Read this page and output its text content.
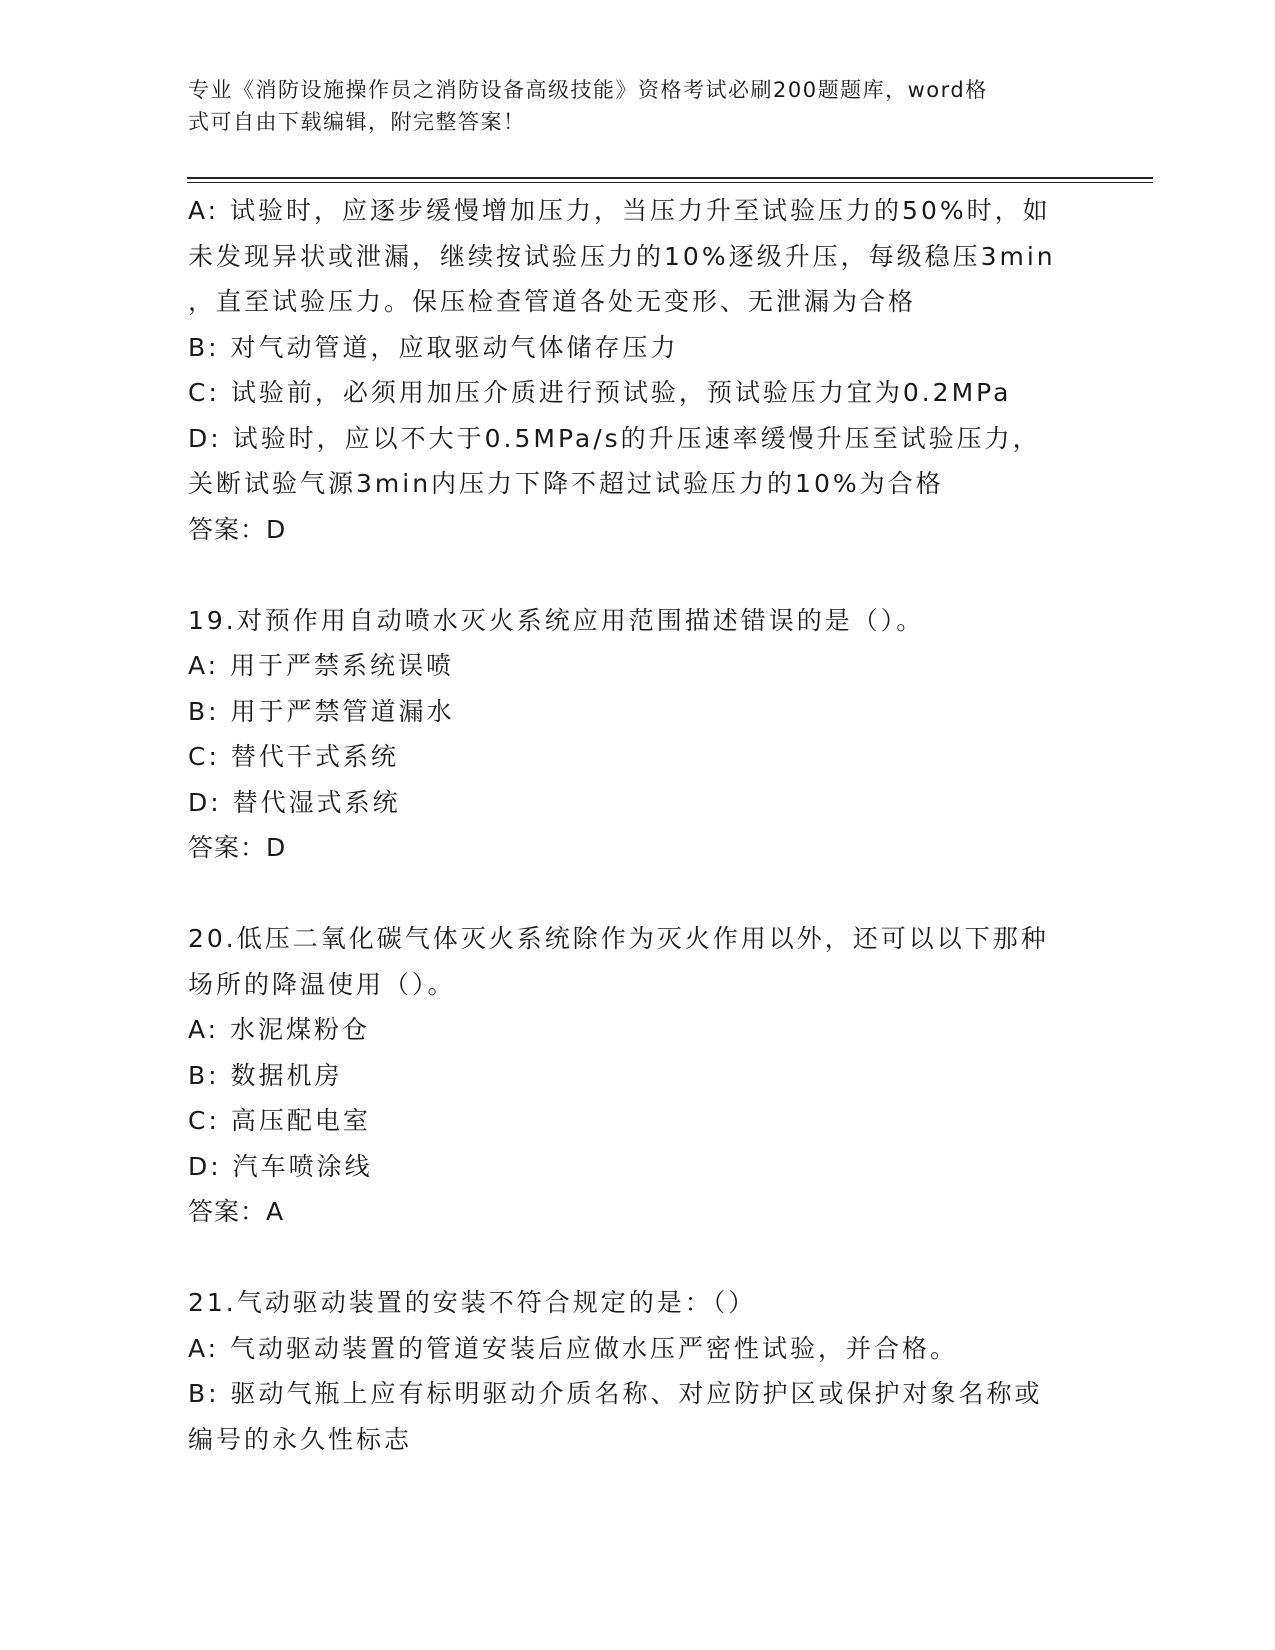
专业《消防设施操作员之消防设备高级技能》资格考试必刷200题题库，word格
式可自由下载编辑，附完整答案！
A: 试验时，应逐步缓慢增加压力，当压力升至试验压力的50%时，如
未发现异状或泄漏，继续按试验压力的10%逐级升压，每级稳压3min
，直至试验压力。保压检查管道各处无变形、无泄漏为合格
B: 对气动管道，应取驱动气体储存压力
C: 试验前，必须用加压介质进行预试验，预试验压力宜为0.2MPa
D: 试验时，应以不大于0.5MPa/s的升压速率缓慢升压至试验压力，
关断试验气源3min内压力下降不超过试验压力的10%为合格
答案：D
19.对预作用自动喷水灭火系统应用范围描述错误的是（）。
A: 用于严禁系统误喷
B: 用于严禁管道漏水
C: 替代干式系统
D: 替代湿式系统
答案：D
20.低压二氧化碳气体灭火系统除作为灭火作用以外，还可以以下那种
场所的降温使用（）。
A: 水泥煤粉仓
B: 数据机房
C: 高压配电室
D: 汽车喷涂线
答案：A
21.气动驱动装置的安装不符合规定的是：（）
A: 气动驱动装置的管道安装后应做水压严密性试验，并合格。
B: 驱动气瓶上应有标明驱动介质名称、对应防护区或保护对象名称或
编号的永久性标志
